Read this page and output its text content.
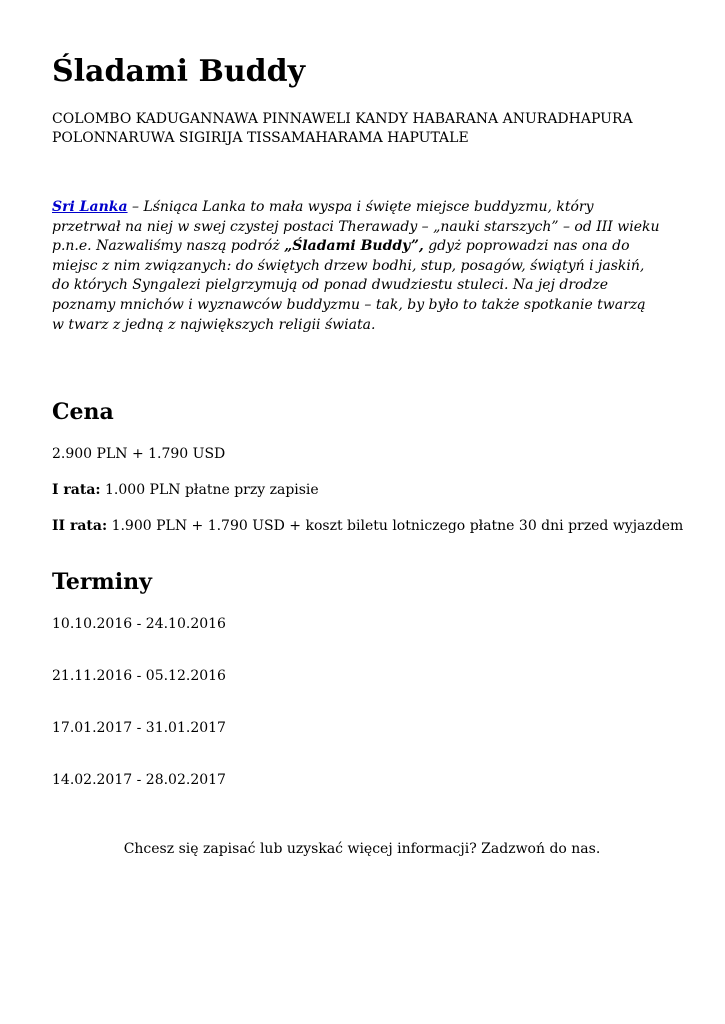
Śladami Buddy

COLOMBO KADUGANNAWA PINNAWELI KANDY HABARANA ANURADHAPURA POLONNARUWA SIGIRIJA TISSAMAHARAMA HAPUTALE

Sri Lanka – Lśniąca Lanka to mała wyspa i święte miejsce buddyzmu, który przetrwał na niej w swej czystej postaci Therawady – „nauki starszych” – od III wieku p.n.e. Nazwaliśmy naszą podróż „Śladami Buddy”, gdyż poprowadzi nas ona do miejsc z nim związanych: do świętych drzew bodhi, stup, posagów, świątyń i jaskiń, do których Syngalezi pielgrzymują od ponad dwudziestu stuleci. Na jej drodze poznamy mnichów i wyznawców buddyzmu – tak, by było to także spotkanie twarzą w twarz z jedną z największych religii świata.

Cena

2.900 PLN + 1.790 USD

I rata: 1.000 PLN płatne przy zapisie

II rata: 1.900 PLN + 1.790 USD + koszt biletu lotniczego płatne 30 dni przed wyjazdem

Terminy

10.10.2016 - 24.10.2016

21.11.2016 - 05.12.2016

17.01.2017 - 31.01.2017

14.02.2017 - 28.02.2017

Chcesz się zapisać lub uzyskać więcej informacji? Zadzwoń do nas.
